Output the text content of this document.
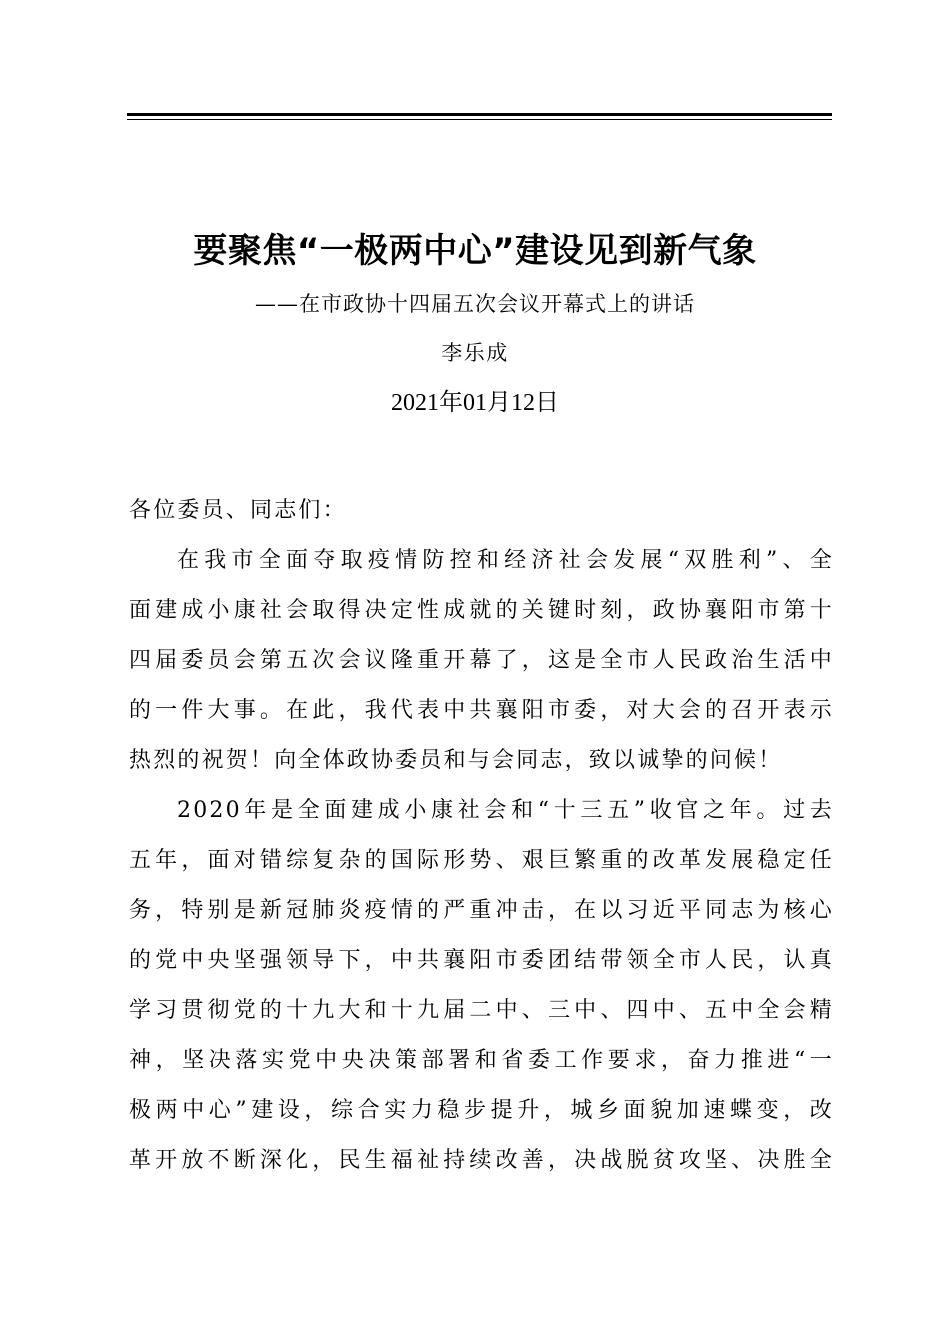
要聚焦“一极两中心”建设见到新气象
——在市政协十四届五次会议开幕式上的讲话
李乐成
2021年01月12日
各位委员、同志们：
在我市全面夺取疫情防控和经济社会发展“双胜利”、全
面建成小康社会取得决定性成就的关键时刻，政协襄阳市第十
四届委员会第五次会议隆重开幕了，这是全市人民政治生活中
的一件大事。在此，我代表中共襄阳市委，对大会的召开表示
热烈的祝贺！向全体政协委员和与会同志，致以诚挚的问候！
2020年是全面建成小康社会和“十三五”收官之年。过去
五年，面对错综复杂的国际形势、艰巨繁重的改革发展稳定任
务，特别是新冠肺炎疫情的严重冲击，在以习近平同志为核心
的党中央坚强领导下，中共襄阳市委团结带领全市人民，认真
学习贯彻党的十九大和十九届二中、三中、四中、五中全会精
神，坚决落实党中央决策部署和省委工作要求，奋力推进“一
极两中心”建设，综合实力稳步提升，城乡面貌加速蝶变，改
革开放不断深化，民生福祉持续改善，决战脱贫攻坚、决胜全
